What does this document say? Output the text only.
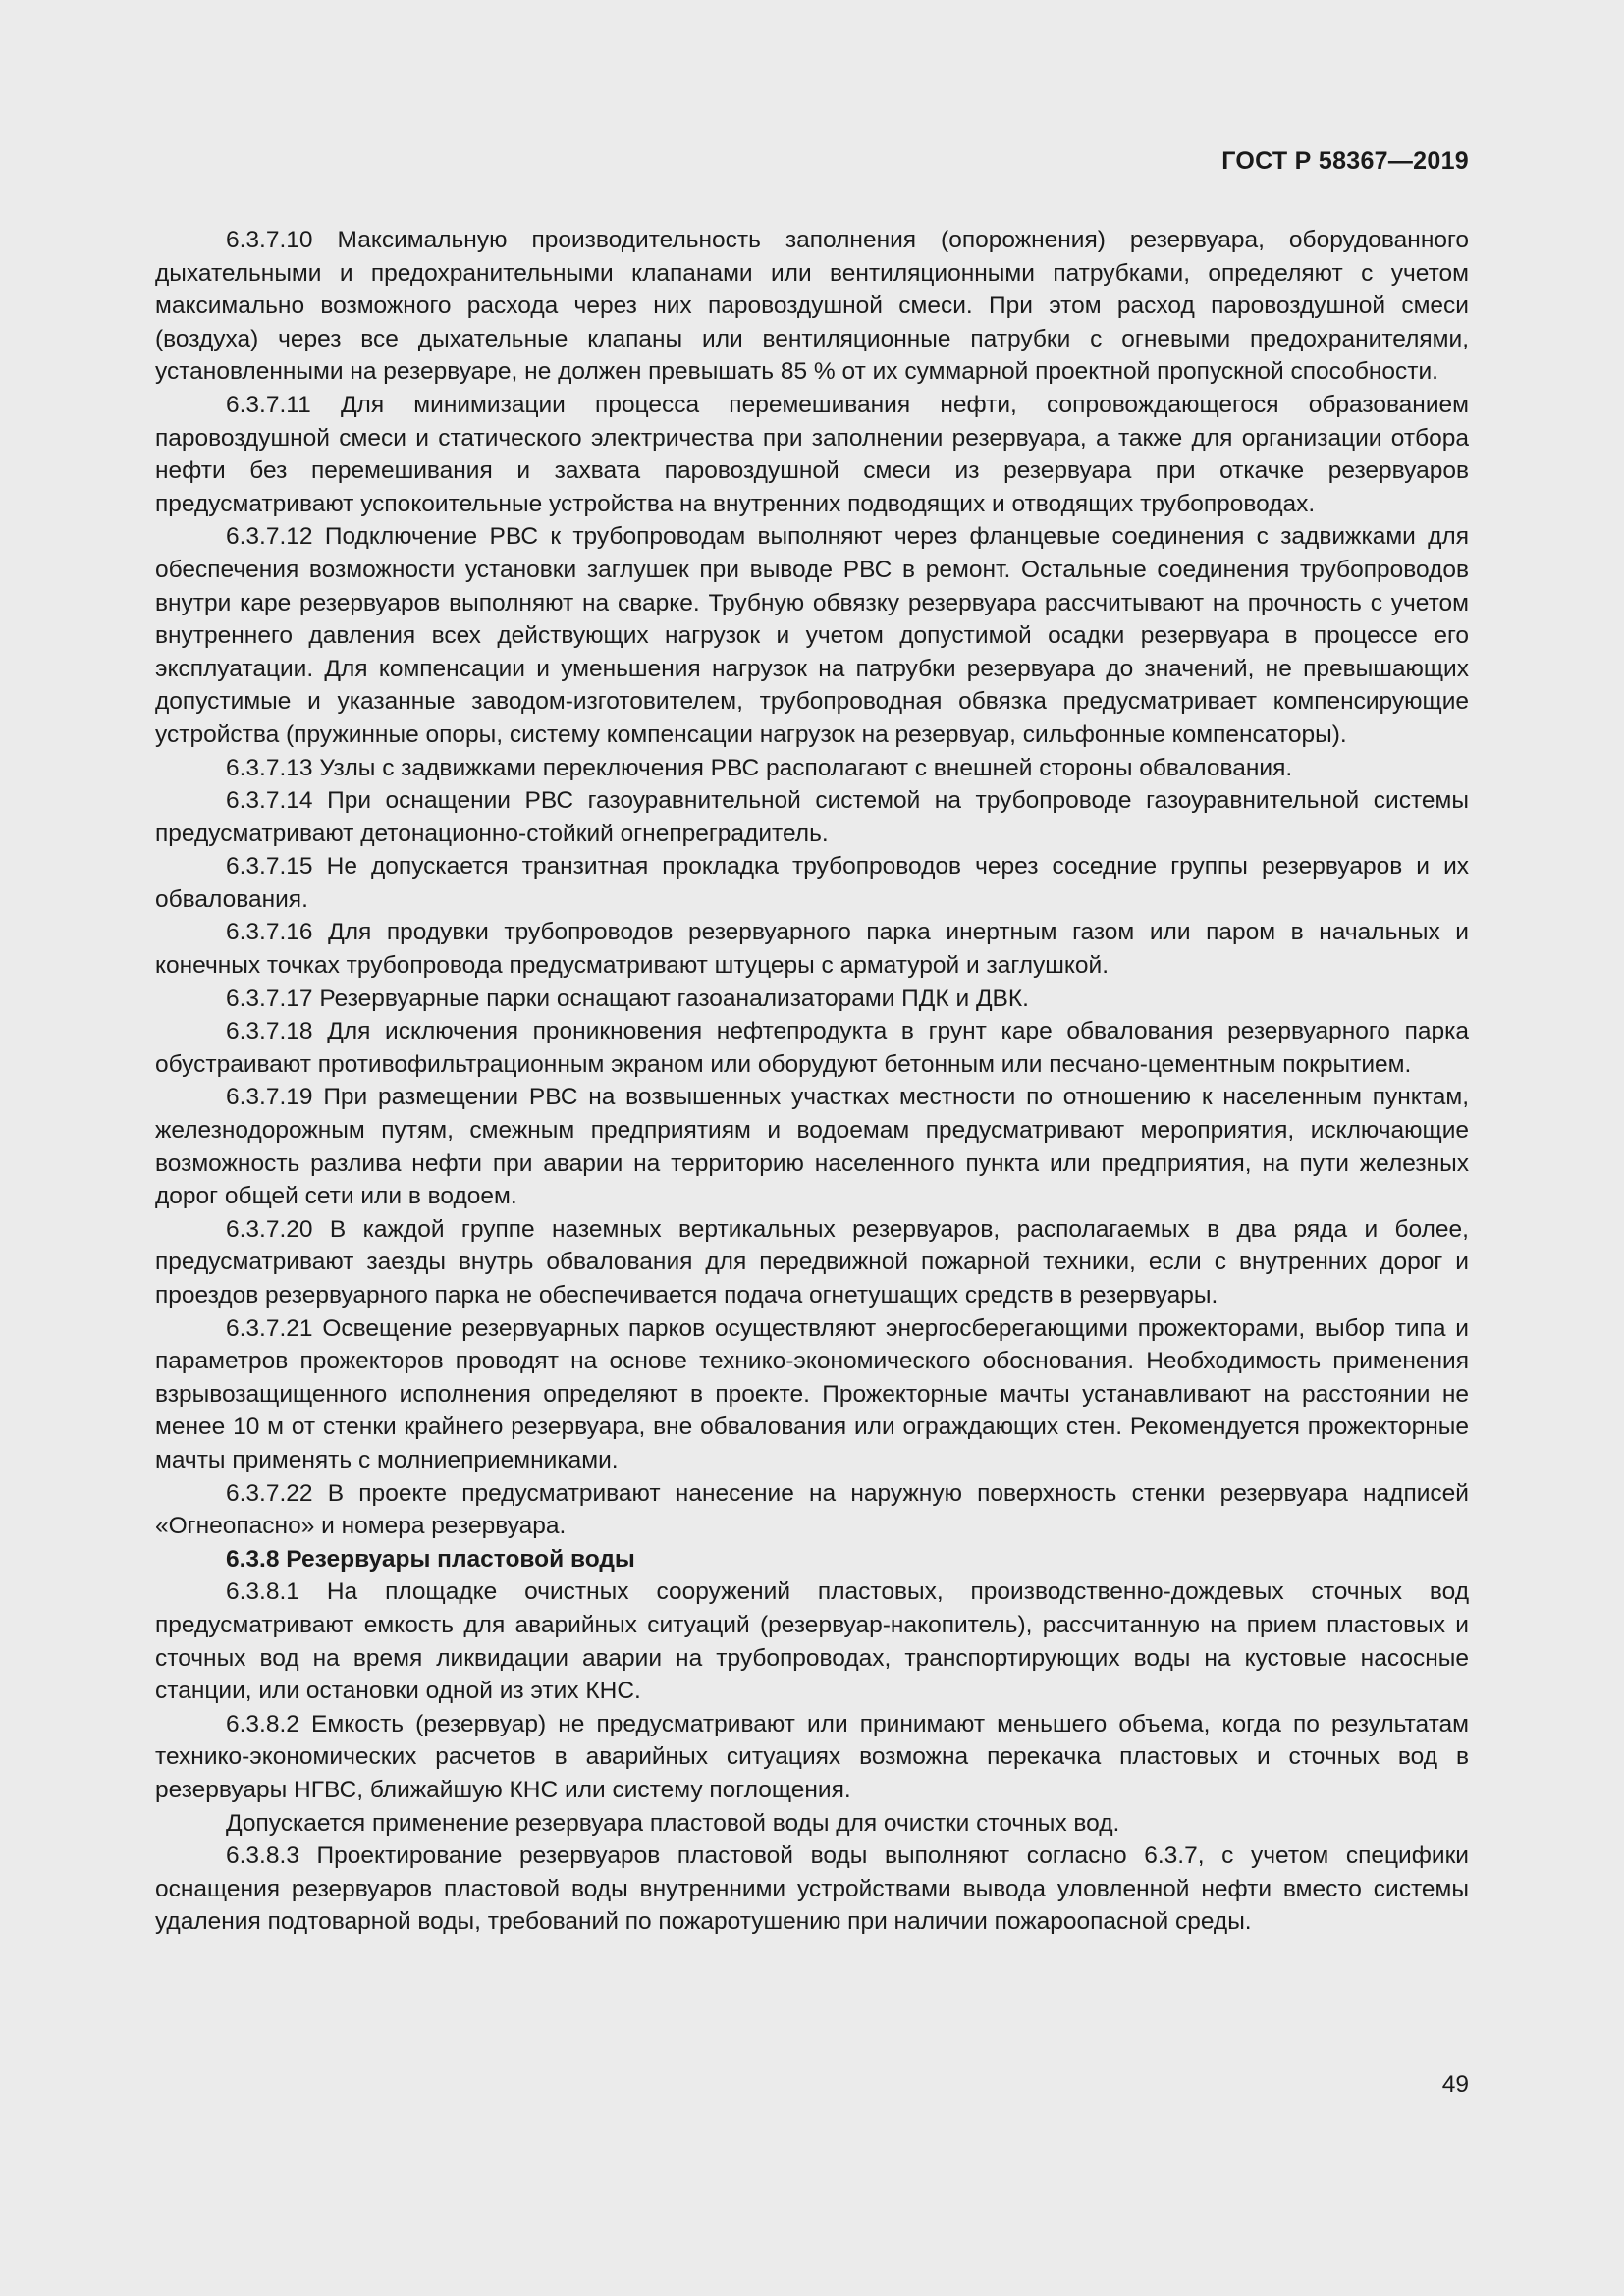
ГОСТ Р 58367—2019

6.3.7.10 Максимальную производительность заполнения (опорожнения) резервуара, оборудованного дыхательными и предохранительными клапанами или вентиляционными патрубками, определяют с учетом максимально возможного расхода через них паровоздушной смеси. При этом расход паровоздушной смеси (воздуха) через все дыхательные клапаны или вентиляционные патрубки с огневыми предохранителями, установленными на резервуаре, не должен превышать 85 % от их суммарной проектной пропускной способности.

6.3.7.11 Для минимизации процесса перемешивания нефти, сопровождающегося образованием паровоздушной смеси и статического электричества при заполнении резервуара, а также для организации отбора нефти без перемешивания и захвата паровоздушной смеси из резервуара при откачке резервуаров предусматривают успокоительные устройства на внутренних подводящих и отводящих трубопроводах.

6.3.7.12 Подключение РВС к трубопроводам выполняют через фланцевые соединения с задвижками для обеспечения возможности установки заглушек при выводе РВС в ремонт. Остальные соединения трубопроводов внутри каре резервуаров выполняют на сварке. Трубную обвязку резервуара рассчитывают на прочность с учетом внутреннего давления всех действующих нагрузок и учетом допустимой осадки резервуара в процессе его эксплуатации. Для компенсации и уменьшения нагрузок на патрубки резервуара до значений, не превышающих допустимые и указанные заводом-изготовителем, трубопроводная обвязка предусматривает компенсирующие устройства (пружинные опоры, систему компенсации нагрузок на резервуар, сильфонные компенсаторы).

6.3.7.13 Узлы с задвижками переключения РВС располагают с внешней стороны обвалования.

6.3.7.14 При оснащении РВС газоуравнительной системой на трубопроводе газоуравнительной системы предусматривают детонационно-стойкий огнепреградитель.

6.3.7.15 Не допускается транзитная прокладка трубопроводов через соседние группы резервуаров и их обвалования.

6.3.7.16 Для продувки трубопроводов резервуарного парка инертным газом или паром в начальных и конечных точках трубопровода предусматривают штуцеры с арматурой и заглушкой.

6.3.7.17 Резервуарные парки оснащают газоанализаторами ПДК и ДВК.

6.3.7.18 Для исключения проникновения нефтепродукта в грунт каре обвалования резервуарного парка обустраивают противофильтрационным экраном или оборудуют бетонным или песчано-цементным покрытием.

6.3.7.19 При размещении РВС на возвышенных участках местности по отношению к населенным пунктам, железнодорожным путям, смежным предприятиям и водоемам предусматривают мероприятия, исключающие возможность разлива нефти при аварии на территорию населенного пункта или предприятия, на пути железных дорог общей сети или в водоем.

6.3.7.20 В каждой группе наземных вертикальных резервуаров, располагаемых в два ряда и более, предусматривают заезды внутрь обвалования для передвижной пожарной техники, если с внутренних дорог и проездов резервуарного парка не обеспечивается подача огнетушащих средств в резервуары.

6.3.7.21 Освещение резервуарных парков осуществляют энергосберегающими прожекторами, выбор типа и параметров прожекторов проводят на основе технико-экономического обоснования. Необходимость применения взрывозащищенного исполнения определяют в проекте. Прожекторные мачты устанавливают на расстоянии не менее 10 м от стенки крайнего резервуара, вне обвалования или ограждающих стен. Рекомендуется прожекторные мачты применять с молниеприемниками.

6.3.7.22 В проекте предусматривают нанесение на наружную поверхность стенки резервуара надписей «Огнеопасно» и номера резервуара.

6.3.8 Резервуары пластовой воды

6.3.8.1 На площадке очистных сооружений пластовых, производственно-дождевых сточных вод предусматривают емкость для аварийных ситуаций (резервуар-накопитель), рассчитанную на прием пластовых и сточных вод на время ликвидации аварии на трубопроводах, транспортирующих воды на кустовые насосные станции, или остановки одной из этих КНС.

6.3.8.2 Емкость (резервуар) не предусматривают или принимают меньшего объема, когда по результатам технико-экономических расчетов в аварийных ситуациях возможна перекачка пластовых и сточных вод в резервуары НГВС, ближайшую КНС или систему поглощения.

Допускается применение резервуара пластовой воды для очистки сточных вод.

6.3.8.3 Проектирование резервуаров пластовой воды выполняют согласно 6.3.7, с учетом специфики оснащения резервуаров пластовой воды внутренними устройствами вывода уловленной нефти вместо системы удаления подтоварной воды, требований по пожаротушению при наличии пожароопасной среды.

49
